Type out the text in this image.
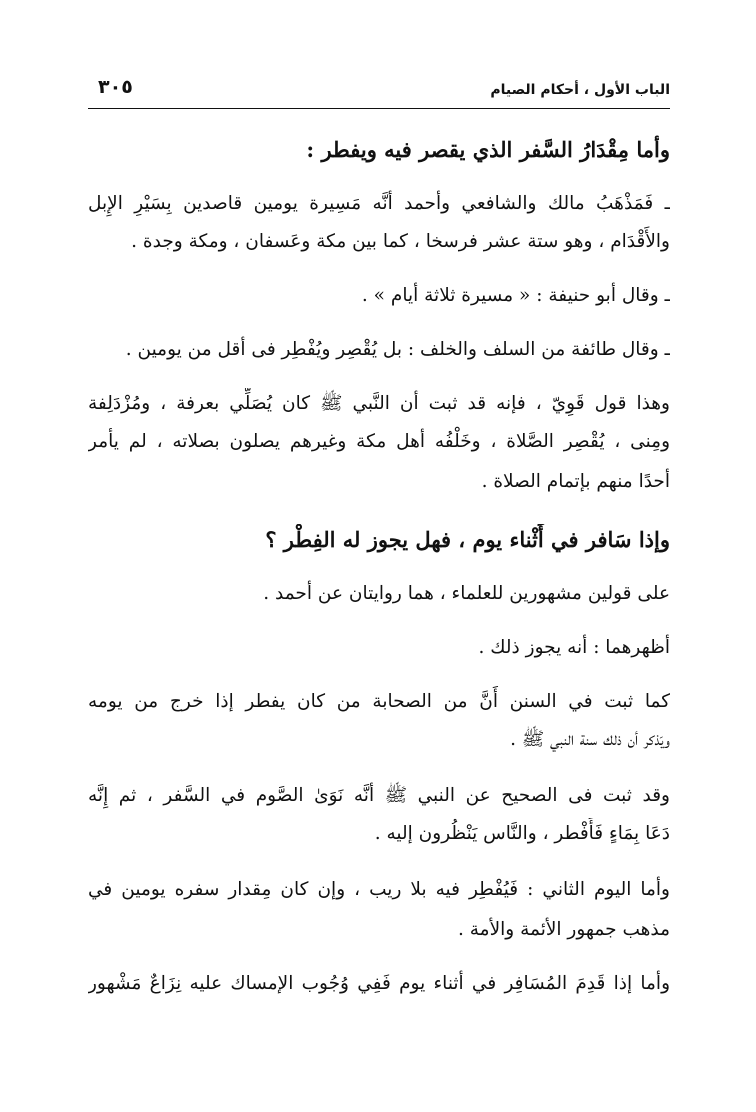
الباب الأول ، أحكام الصيام
٣٠٥
وأما مِقْدَارُ السَّفر الذي يقصر فيه ويفطر :
ـ فَمَذْهَبُ مالك والشافعي وأحمد أنَّه مَسِيرة يومين قاصدين بِسَيْرِ الإِبل
والأَقْدَام ، وهو ستة عشر فرسخا ، كما بين مكة وعَسفان ، ومكة وجدة .
ـ وقال أبو حنيفة : « مسيرة ثلاثة أيام » .
ـ وقال طائفة من السلف والخلف : بل يُقْصِر ويُفْطِر فى أقل من يومين .
وهذا قول قَوِيّ ، فإنه قد ثبت أن النَّبي ﷺ كان يُصَلِّي بعرفة ، ومُزْدَلِفة
ومِنى ، يُقْصِر الصَّلاة ، وخَلْفُه أهل مكة وغيرهم يصلون بصلاته ، لم يأمر
أحدًا منهم بإتمام الصلاة .
وإذا سَافر في أَثْناء يوم ، فهل يجوز له الفِطْر ؟
على قولين مشهورين للعلماء ، هما روايتان عن أحمد .
أظهرهما : أنه يجوز ذلك .
كما ثبت في السنن أَنَّ من الصحابة من كان يفطر إذا خرج من يومه
ويَذكر أن ذلك سنة النبي ﷺ .
وقد ثبت فى الصحيح عن النبي ﷺ أنَّه نَوَىٰ الصَّوم في السَّفر ، ثم إِنَّه
دَعَا بِمَاءٍ فَأَفْطر ، والنَّاس يَنْظُرون إليه .
وأما اليوم الثاني : فَيُفْطِر فيه بلا ريب ، وإن كان مِقدار سفره يومين في
مذهب جمهور الأئمة والأمة .
وأما إذا قَدِمَ المُسَافِر في أثناء يوم فَفِي وُجُوب الإمساك عليه نِزَاعٌ مَشْهور
